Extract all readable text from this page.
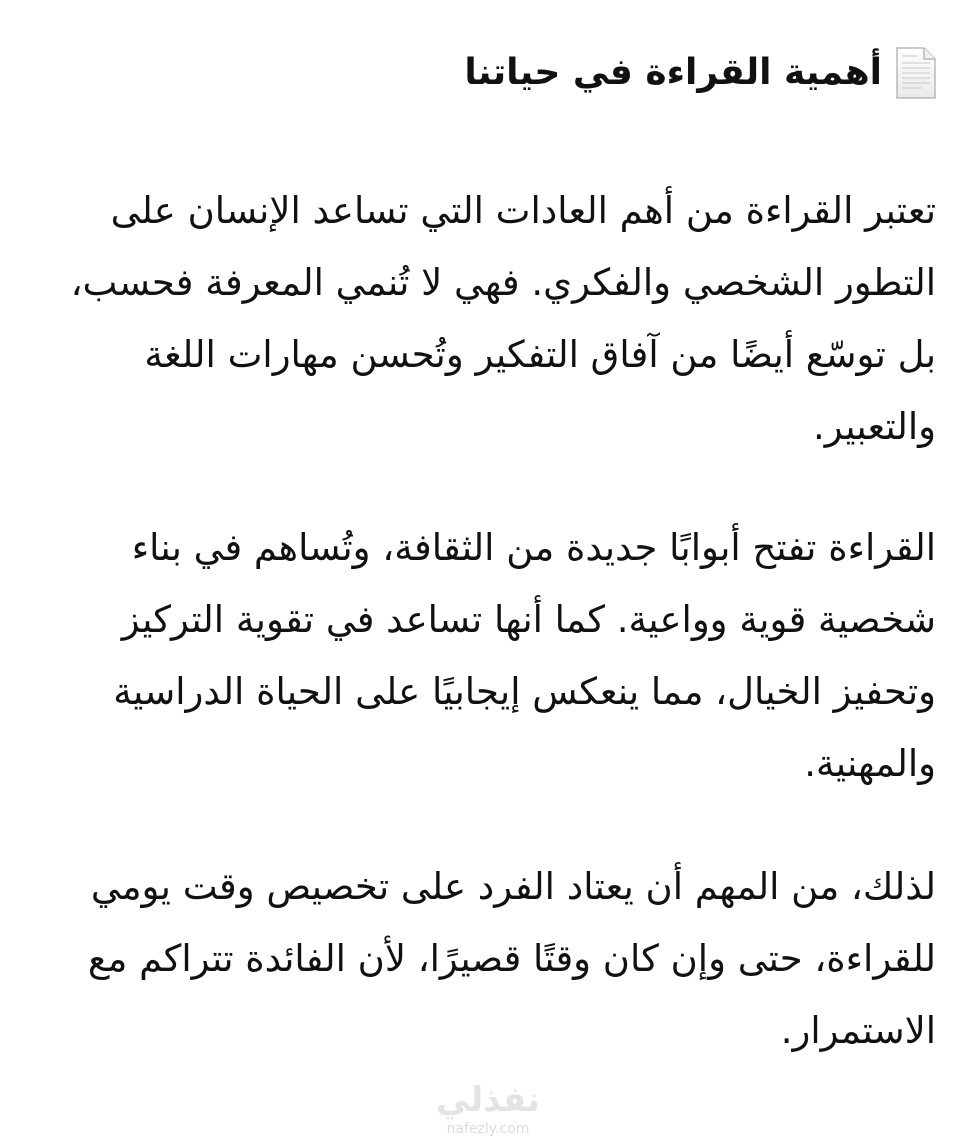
أهمية القراءة في حياتنا

تعتبر القراءة من أهم العادات التي تساعد الإنسان على
التطور الشخصي والفكري. فهي لا تُنمي المعرفة فحسب،
بل توسّع أيضًا من آفاق التفكير وتُحسن مهارات اللغة
والتعبير.

القراءة تفتح أبوابًا جديدة من الثقافة، وتُساهم في بناء
شخصية قوية وواعية. كما أنها تساعد في تقوية التركيز
وتحفيز الخيال، مما ينعكس إيجابيًا على الحياة الدراسية
والمهنية.

لذلك، من المهم أن يعتاد الفرد على تخصيص وقت يومي
للقراءة، حتى وإن كان وقتًا قصيرًا، لأن الفائدة تتراكم مع
الاستمرار.

نفذلي
nafezly.com
